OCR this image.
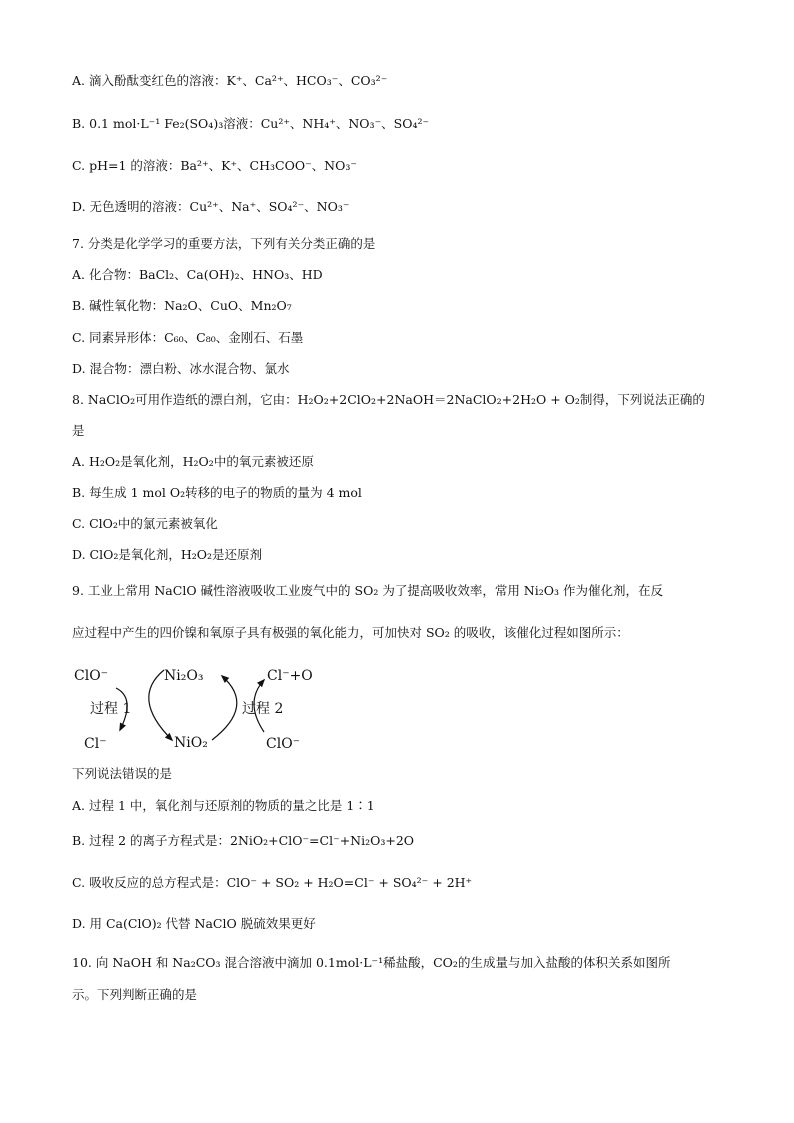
A. 滴入酚酞变红色的溶液：K⁺、Ca²⁺、HCO₃⁻、CO₃²⁻

B. 0.1 mol·L⁻¹ Fe₂(SO₄)₃溶液：Cu²⁺、NH₄⁺、NO₃⁻、SO₄²⁻

C. pH=1 的溶液：Ba²⁺、K⁺、CH₃COO⁻、NO₃⁻

D. 无色透明的溶液：Cu²⁺、Na⁺、SO₄²⁻、NO₃⁻

7. 分类是化学学习的重要方法，下列有关分类正确的是

A. 化合物：BaCl₂、Ca(OH)₂、HNO₃、HD

B. 碱性氧化物：Na₂O、CuO、Mn₂O₇

C. 同素异形体：C₆₀、C₈₀、金刚石、石墨

D. 混合物：漂白粉、冰水混合物、氯水

8. NaClO₂可用作造纸的漂白剂，它由：H₂O₂+2ClO₂+2NaOH＝2NaClO₂+2H₂O + O₂制得，下列说法正确的

是

A. H₂O₂是氧化剂，H₂O₂中的氧元素被还原

B. 每生成 1 mol O₂转移的电子的物质的量为 4 mol

C. ClO₂中的氯元素被氧化

D. ClO₂是氧化剂，H₂O₂是还原剂

9. 工业上常用 NaClO 碱性溶液吸收工业废气中的 SO₂ 为了提高吸收效率，常用 Ni₂O₃ 作为催化剂，在反

应过程中产生的四价镍和氧原子具有极强的氧化能力，可加快对 SO₂ 的吸收，该催化过程如图所示：

ClO⁻	Ni₂O₃	Cl⁻+O
过程 1	过程 2
Cl⁻	NiO₂	ClO⁻

下列说法错误的是

A. 过程 1 中，氧化剂与还原剂的物质的量之比是 1∶1

B. 过程 2 的离子方程式是：2NiO₂+ClO⁻=Cl⁻+Ni₂O₃+2O

C. 吸收反应的总方程式是：ClO⁻ + SO₂ + H₂O=Cl⁻ + SO₄²⁻ + 2H⁺

D. 用 Ca(ClO)₂ 代替 NaClO 脱硫效果更好

10. 向 NaOH 和 Na₂CO₃ 混合溶液中滴加 0.1mol·L⁻¹稀盐酸，CO₂的生成量与加入盐酸的体积关系如图所

示。下列判断正确的是
